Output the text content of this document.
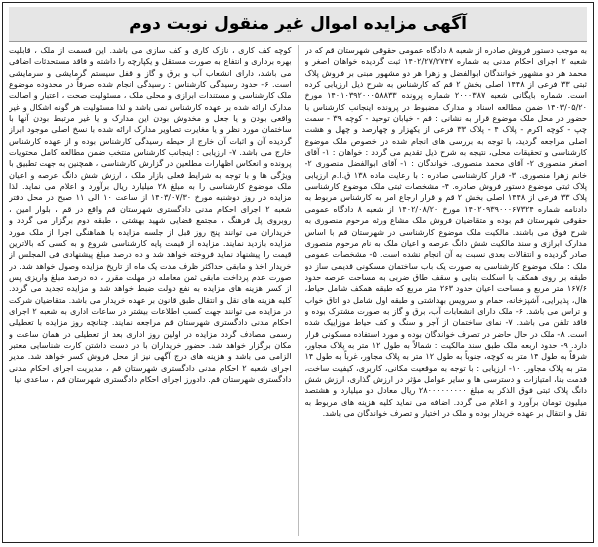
آگهی مزایده اموال غیر منقول نوبت دوم

به موجب دستور فروش صادره از شعبه ۸ دادگاه عمومی حقوقی شهرستان قم که در شعبه ۲ اجرای احکام مدنی به شماره ۱۴۰۲/۲۷/۲۷۴۷ ثبت گردیده خواهان اصغر و محمد هر دو مشهور خوانندگان ابوالفضل و زهرا هر دو مشهور مبنی بر فروش پلاک ثبتی ۳۳ فرعی از ۱۴۴۸ اصلی بخش ۲ قم که کارشناس به شرح ذیل ارزیابی کرده است. شماره بایگانی شعبه ۲۰۰۰۳۸۷ شماره پرونده ۱۴۰۱۰۳۹۲۰۰۰۵۸۸۳۳ مورخ ۱۴۰۳/۰۵/۲۰ ضمن مطالعه اسناد و مدارک مضبوط در پرونده اینجانب کارشناس با حضور در محل ملک موضوع قرار به نشانی : قم - خیابان توحید - کوچه ۳۹ - سمت چپ - کوچه اکرم - پلاک ۴ - پلاک ۳۳ فرعی از یکهزار و چهارصد و چهل و هشت اصلی مراجعه گردید، با توجه به بررسی های انجام شده در خصوص ملک موضوع کارشناسی و تحقیقات محلی، نتیجه به شرح ذیل تقدیم می گردد : خواهان : ۱- آقای اصغر منصوری ۲- آقای محمد منصوری. خواندگان : ۱- آقای ابوالفضل منصوری ۲- خانم زهرا منصوری. ۳- قرار کارشناسی صادره : با رعایت ماده ۱۳۸ ق.ا.م ارزیابی پلاک ثبتی موضوع دستور فروش صادره. ۴- مشخصات ثبتی ملک موضوع کارشناسی پلاک ۳۳ فرعی از ۱۴۴۸ اصلی بخش ۲ قم و قرار ارجاع امر به کارشناس مربوط به دادنامه شماره ۱۴۰۲۰۹۳۹۰۰۰۶۷۳۲۴ مورخ ۱۴۰۲/۰۸/۲۰ از شعبه ۸ دادگاه عمومی حقوقی شهرستان قم بوده و متقاضیان فروش ملک مشاع ورثه مرحوم منصوری به شرح فوق می باشند. مالکیت ملک موضوع کارشناسی در شهرستان قم با اساس مدارک ابرازی و سند مالکیت شش دانگ عرصه و اعیان ملک به نام مرحوم منصوری صادر گردیده و انتقالات بعدی نسبت به آن انجام نشده است. ۵- مشخصات عمومی ملک : ملک موضوع کارشناسی به صورت یک باب ساختمان مسکونی قدیمی ساز دو طبقه بر روی همکف با اسکلت بنایی و سقف طاق ضربی به مساحت عرصه حدود ۱۶۷/۶ متر مربع و مساحت اعیان حدود ۲۶۳ متر مربع که طبقه همکف شامل حیاط، هال، پذیرایی، آشپزخانه، حمام و سرویس بهداشتی و طبقه اول شامل دو اتاق خواب و تراس می باشد. ۶- ملک دارای انشعابات آب، برق و گاز به صورت مشترک بوده و فاقد تلفن می باشد. ۷- نمای ساختمان از آجر و سنگ و کف حیاط موزاییک شده است. ۸- ملک در حال حاضر در تصرف خواندگان بوده و مورد استفاده مسکونی قرار دارد. ۹- حدود اربعه ملک طبق سند مالکیت : شمالاً به طول ۱۲ متر به پلاک مجاور، شرقاً به طول ۱۴ متر به کوچه، جنوباً به طول ۱۲ متر به پلاک مجاور، غرباً به طول ۱۴ متر به پلاک مجاور. ۱۰- ارزیابی : با توجه به موقعیت مکانی، کاربری، کیفیت ساخت، قدمت بنا، امتیازات و دسترسی ها و سایر عوامل مؤثر در ارزش گذاری، ارزش شش دانگ پلاک ثبتی فوق الذکر به مبلغ ۲۸۰۰۰۰۰۰۰۰۰ ریال معادل دو میلیارد و هشتصد میلیون تومان برآورد و اعلام می گردد. اضافه می نماید کلیه هزینه های مربوط به نقل و انتقال بر عهده خریدار بوده و ملک در اختیار و تصرف خواندگان می باشد.

کوچه کف کاری ، نازک کاری و کف سازی می باشد. این قسمت از ملک ، قابلیت بهره برداری و انتفاع به صورت مستقل و یکپارچه را داشته و فاقد مستحدثات اضافی می باشد، دارای انشعاب آب و برق و گاز و قفل سیستم گرمایشی و سرمایشی است. ۶- حدود رسیدگی کارشناس : رسیدگی انجام شده صرفاً در محدوده موضوع ملک کارشناسی و مستندات ابرازی و محلی ملک ، مسئولیت صحت ، اعتبار و اصالت مدارک ارائه شده بر عهده کارشناس نمی باشد و لذا مسئولیت هر گونه اشکال و غیر واقعی بودن و یا جعل و مخدوش بودن این مدارک و یا غیر مرتبط بودن آنها با ساختمان مورد نظر و یا مغایرت تصاویر مدارک ارائه شده با نسخ اصلی موجود ابراز گردیده آن و اثبات آن خارج از حیطه رسیدگی کارشناس بوده و از عهده کارشناس خارج می باشد. ۷- ارزیابی : اینجانب کارشناس منتخب ضمن مطالعه کامل محتویات پرونده و انعکاس اظهارات مطلعین در گزارش کارشناسی ، همچنین به جهت تطبیق با ویژگی ها و با توجه به شرایط فعلی بازار ملک ، ارزش شش دانگ عرصه و اعیان ملک موضوع کارشناسی را به مبلغ ۲۸ میلیارد ریال برآورد و اعلام می نماید. لذا مزایده در روز دوشنبه مورخ ۱۴۰۳/۰۷/۳۰ از ساعت ۱۰ الی ۱۱ صبح در محل دفتر شعبه ۲ اجرای احکام مدنی دادگستری شهرستان قم واقع در قم ، بلوار امین ، روبروی پل فرهنگ ، مجتمع قضایی شهید بهشتی ، طبقه دوم برگزار می گردد و خریداران می توانند پنج روز قبل از جلسه مزایده با هماهنگی اجرا از ملک مورد مزایده بازدید نمایند. مزایده از قیمت پایه کارشناسی شروع و به کسی که بالاترین قیمت را پیشنهاد نماید فروخته خواهد شد و ده درصد مبلغ پیشنهادی فی المجلس از خریدار اخذ و مابقی حداکثر ظرف مدت یک ماه از تاریخ مزایده وصول خواهد شد. در صورت عدم پرداخت مابقی ثمن معامله در مهلت مقرر ، ده درصد مبلغ واریزی پس از کسر هزینه های مزایده به نفع دولت ضبط خواهد شد و مزایده تجدید می گردد. کلیه هزینه های نقل و انتقال طبق قانون بر عهده خریدار می باشد. متقاضیان شرکت در مزایده می توانند جهت کسب اطلاعات بیشتر در ساعات اداری به شعبه ۲ اجرای احکام مدنی دادگستری شهرستان قم مراجعه نمایند. چنانچه روز مزایده با تعطیلی رسمی مصادف گردد مزایده در اولین روز اداری بعد از تعطیلی در همان ساعت و مکان برگزار خواهد شد. حضور خریداران با در دست داشتن کارت شناسایی معتبر الزامی می باشد و هزینه های درج آگهی نیز از محل فروش کسر خواهد شد. مدیر اجرای شعبه ۲ احکام مدنی دادگستری شهرستان قم ، مدیریت اجرای احکام مدنی دادگستری شهرستان قم. دادورز اجرای احکام دادگستری شهرستان قم ، ساعدی نیا
